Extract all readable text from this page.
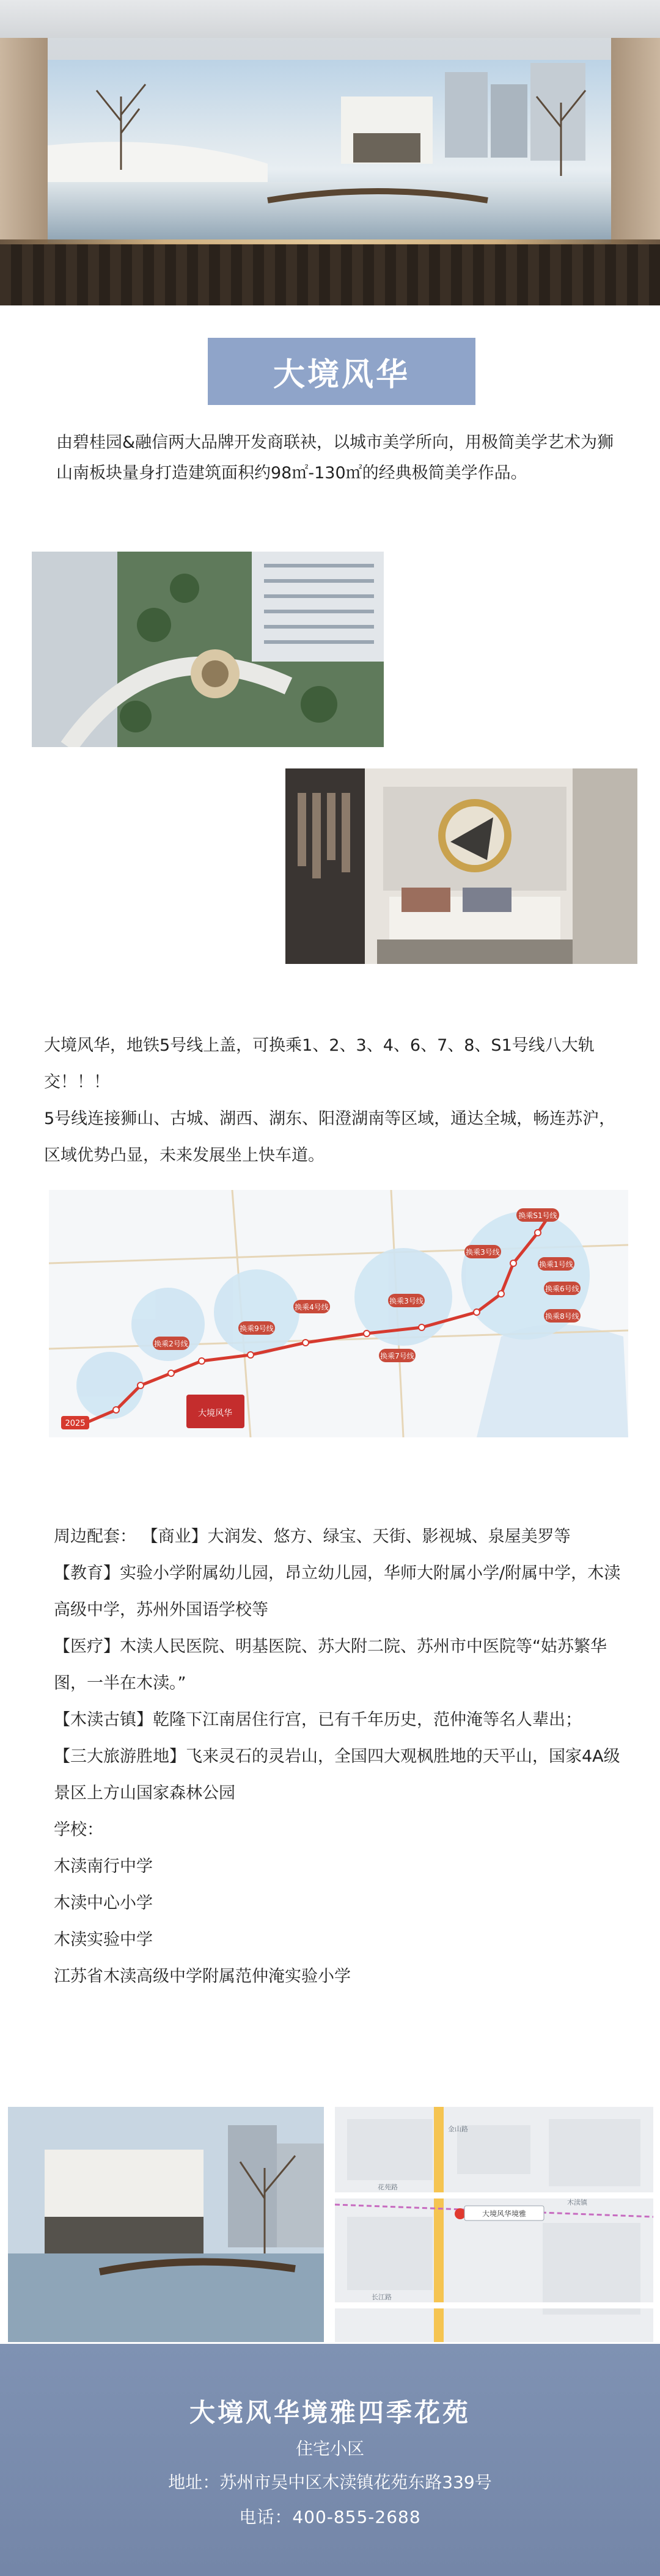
大境风华
由碧桂园&融信两大品牌开发商联袂，以城市美学所向，用极简美学艺术为狮山南板块量身打造建筑面积约98㎡-130㎡的经典极简美学作品。
大境风华，地铁5号线上盖，可换乘1、2、3、4、6、7、8、S1号线八大轨交！！！
5号线连接狮山、古城、湖西、湖东、阳澄湖南等区域，通达全城，畅连苏沪，区域优势凸显，未来发展坐上快车道。
大境风华
2025
换乘3号线
换乘S1号线
换乘4号线
换乘1号线
换乘8号线
换乘6号线
换乘2号线
换乘7号线
换乘3号线
换乘9号线
周边配套： 【商业】大润发、悠方、绿宝、天街、影视城、泉屋美罗等
【教育】实验小学附属幼儿园，昂立幼儿园，华师大附属小学/附属中学，木渎高级中学，苏州外国语学校等
【医疗】木渎人民医院、明基医院、苏大附二院、苏州市中医院等“姑苏繁华图，一半在木渎。”
【木渎古镇】乾隆下江南居住行宫，已有千年历史，范仲淹等名人辈出；
【三大旅游胜地】飞来灵石的灵岩山，全国四大观枫胜地的天平山，国家4A级景区上方山国家森林公园
学校：
木渎南行中学
木渎中心小学
木渎实验中学
江苏省木渎高级中学附属范仲淹实验小学
大境风华境雅
花苑路
木渎镇
金山路
长江路
大境风华境雅四季花苑
住宅小区
地址：苏州市吴中区木渎镇花苑东路339号
电话：400-855-2688
